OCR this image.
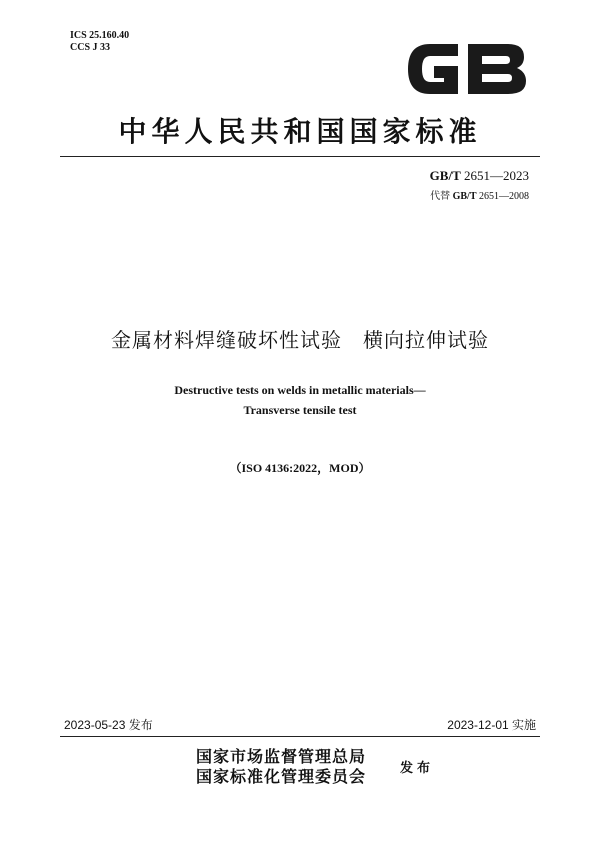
ICS 25.160.40
CCS J 33
中华人民共和国国家标准
GB/T 2651—2023
代替 GB/T 2651—2008
金属材料焊缝破坏性试验　横向拉伸试验
Destructive tests on welds in metallic materials—
Transverse tensile test
（ISO 4136:2022，MOD）
2023-05-23 发布	2023-12-01 实施
国家市场监督管理总局
国家标准化管理委员会	发布
